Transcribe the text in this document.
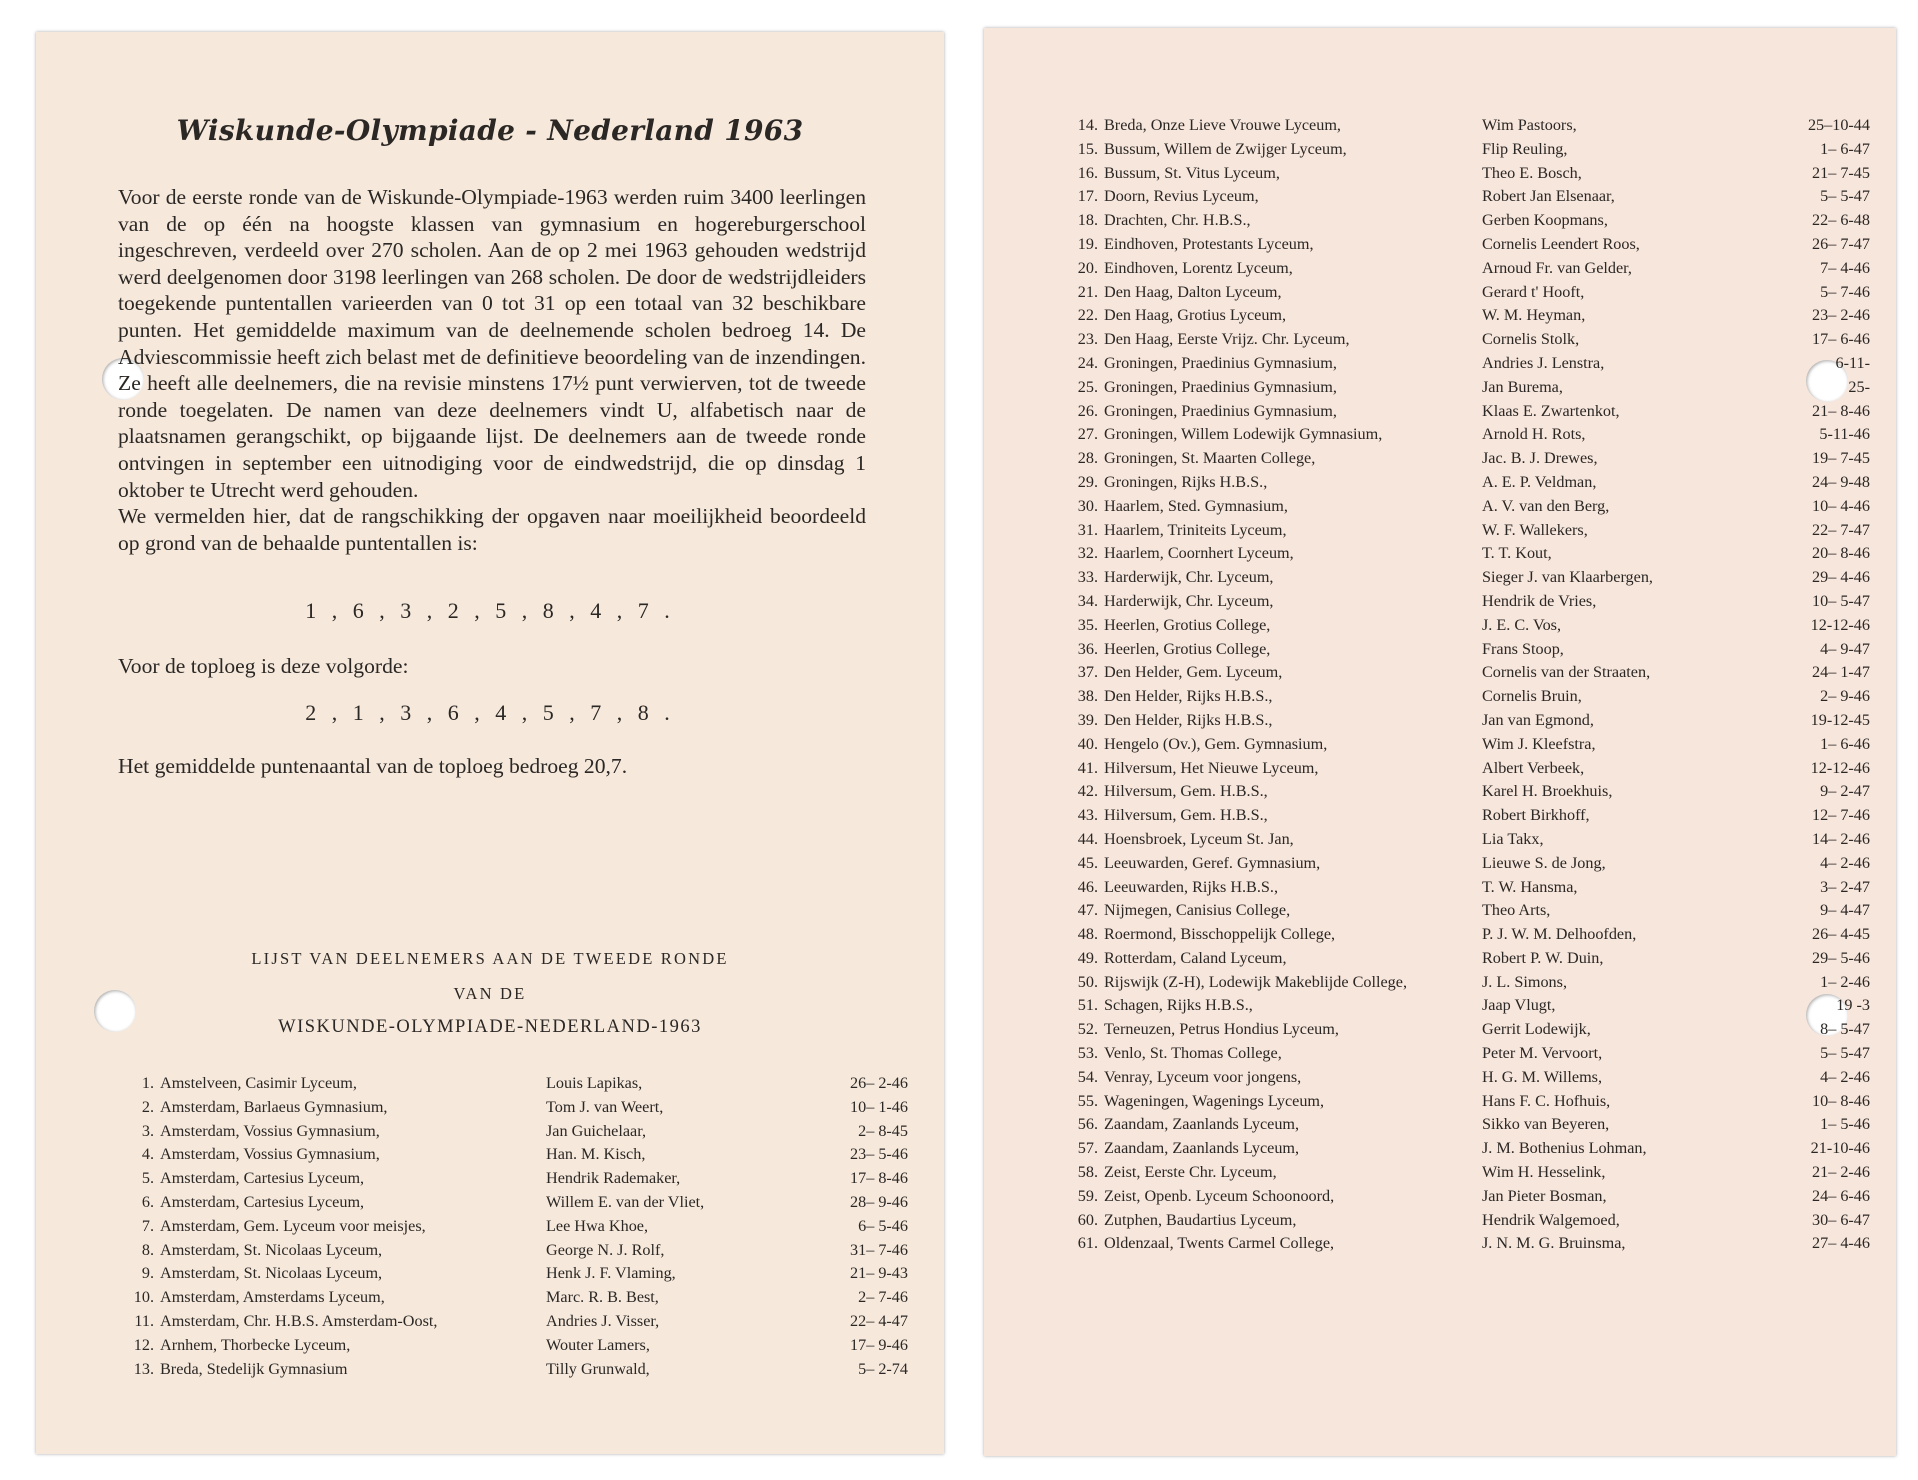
Wiskunde-Olympiade - Nederland 1963

Voor de eerste ronde van de Wiskunde-Olympiade-1963 werden ruim 3400 leerlingen van de op één na hoogste klassen van gymnasium en hogereburgerschool ingeschreven, verdeeld over 270 scholen. Aan de op 2 mei 1963 gehouden wedstrijd werd deelgenomen door 3198 leerlingen van 268 scholen. De door de wedstrijdleiders toegekende puntentallen varieerden van 0 tot 31 op een totaal van 32 beschikbare punten. Het gemiddelde maximum van de deelnemende scholen bedroeg 14. De Adviescommissie heeft zich belast met de definitieve beoordeling van de inzendingen. Ze heeft alle deelnemers, die na revisie minstens 17½ punt verwierven, tot de tweede ronde toegelaten. De namen van deze deelnemers vindt U, alfabetisch naar de plaatsnamen gerangschikt, op bijgaande lijst. De deelnemers aan de tweede ronde ontvingen in september een uitnodiging voor de eindwedstrijd, die op dinsdag 1 oktober te Utrecht werd gehouden.

We vermelden hier, dat de rangschikking der opgaven naar moeilijkheid beoordeeld op grond van de behaalde puntentallen is:

1 , 6 , 3 , 2 , 5 , 8 , 4 , 7 .
Voor de toploeg is deze volgorde:
2 , 1 , 3 , 6 , 4 , 5 , 7 , 8 .
Het gemiddelde puntenaantal van de toploeg bedroeg 20,7.
LIJST VAN DEELNEMERS AAN DE TWEEDE RONDE
VAN DE
WISKUNDE-OLYMPIADE-NEDERLAND-1963
1. Amstelveen, Casimir Lyceum,	Louis Lapikas,	26– 2-46
2. Amsterdam, Barlaeus Gymnasium,	Tom J. van Weert,	10– 1-46
3. Amsterdam, Vossius Gymnasium,	Jan Guichelaar,	2– 8-45
4. Amsterdam, Vossius Gymnasium,	Han. M. Kisch,	23– 5-46
5. Amsterdam, Cartesius Lyceum,	Hendrik Rademaker,	17– 8-46
6. Amsterdam, Cartesius Lyceum,	Willem E. van der Vliet,	28– 9-46
7. Amsterdam, Gem. Lyceum voor meisjes,	Lee Hwa Khoe,	6– 5-46
8. Amsterdam, St. Nicolaas Lyceum,	George N. J. Rolf,	31– 7-46
9. Amsterdam, St. Nicolaas Lyceum,	Henk J. F. Vlaming,	21– 9-43
10. Amsterdam, Amsterdams Lyceum,	Marc. R. B. Best,	2– 7-46
11. Amsterdam, Chr. H.B.S. Amsterdam-Oost,	Andries J. Visser,	22– 4-47
12. Arnhem, Thorbecke Lyceum,	Wouter Lamers,	17– 9-46
13. Breda, Stedelijk Gymnasium	Tilly Grunwald,	5– 2-74
14. Breda, Onze Lieve Vrouwe Lyceum,	Wim Pastoors,	25–10-44
15. Bussum, Willem de Zwijger Lyceum,	Flip Reuling,	1– 6-47
16. Bussum, St. Vitus Lyceum,	Theo E. Bosch,	21– 7-45
17. Doorn, Revius Lyceum,	Robert Jan Elsenaar,	5– 5-47
18. Drachten, Chr. H.B.S.,	Gerben Koopmans,	22– 6-48
19. Eindhoven, Protestants Lyceum,	Cornelis Leendert Roos,	26– 7-47
20. Eindhoven, Lorentz Lyceum,	Arnoud Fr. van Gelder,	7– 4-46
21. Den Haag, Dalton Lyceum,	Gerard t' Hooft,	5– 7-46
22. Den Haag, Grotius Lyceum,	W. M. Heyman,	23– 2-46
23. Den Haag, Eerste Vrijz. Chr. Lyceum,	Cornelis Stolk,	17– 6-46
24. Groningen, Praedinius Gymnasium,	Andries J. Lenstra,	6-11-
25. Groningen, Praedinius Gymnasium,	Jan Burema,	25-
26. Groningen, Praedinius Gymnasium,	Klaas E. Zwartenkot,	21– 8-46
27. Groningen, Willem Lodewijk Gymnasium,	Arnold H. Rots,	5-11-46
28. Groningen, St. Maarten College,	Jac. B. J. Drewes,	19– 7-45
29. Groningen, Rijks H.B.S.,	A. E. P. Veldman,	24– 9-48
30. Haarlem, Sted. Gymnasium,	A. V. van den Berg,	10– 4-46
31. Haarlem, Triniteits Lyceum,	W. F. Wallekers,	22– 7-47
32. Haarlem, Coornhert Lyceum,	T. T. Kout,	20– 8-46
33. Harderwijk, Chr. Lyceum,	Sieger J. van Klaarbergen,	29– 4-46
34. Harderwijk, Chr. Lyceum,	Hendrik de Vries,	10– 5-47
35. Heerlen, Grotius College,	J. E. C. Vos,	12-12-46
36. Heerlen, Grotius College,	Frans Stoop,	4– 9-47
37. Den Helder, Gem. Lyceum,	Cornelis van der Straaten,	24– 1-47
38. Den Helder, Rijks H.B.S.,	Cornelis Bruin,	2– 9-46
39. Den Helder, Rijks H.B.S.,	Jan van Egmond,	19-12-45
40. Hengelo (Ov.), Gem. Gymnasium,	Wim J. Kleefstra,	1– 6-46
41. Hilversum, Het Nieuwe Lyceum,	Albert Verbeek,	12-12-46
42. Hilversum, Gem. H.B.S.,	Karel H. Broekhuis,	9– 2-47
43. Hilversum, Gem. H.B.S.,	Robert Birkhoff,	12– 7-46
44. Hoensbroek, Lyceum St. Jan,	Lia Takx,	14– 2-46
45. Leeuwarden, Geref. Gymnasium,	Lieuwe S. de Jong,	4– 2-46
46. Leeuwarden, Rijks H.B.S.,	T. W. Hansma,	3– 2-47
47. Nijmegen, Canisius College,	Theo Arts,	9– 4-47
48. Roermond, Bisschoppelijk College,	P. J. W. M. Delhoofden,	26– 4-45
49. Rotterdam, Caland Lyceum,	Robert P. W. Duin,	29– 5-46
50. Rijswijk (Z-H), Lodewijk Makeblijde College,	J. L. Simons,	1– 2-46
51. Schagen, Rijks H.B.S.,	Jaap Vlugt,	19 -3
52. Terneuzen, Petrus Hondius Lyceum,	Gerrit Lodewijk,	8– 5-47
53. Venlo, St. Thomas College,	Peter M. Vervoort,	5– 5-47
54. Venray, Lyceum voor jongens,	H. G. M. Willems,	4– 2-46
55. Wageningen, Wagenings Lyceum,	Hans F. C. Hofhuis,	10– 8-46
56. Zaandam, Zaanlands Lyceum,	Sikko van Beyeren,	1– 5-46
57. Zaandam, Zaanlands Lyceum,	J. M. Bothenius Lohman,	21-10-46
58. Zeist, Eerste Chr. Lyceum,	Wim H. Hesselink,	21– 2-46
59. Zeist, Openb. Lyceum Schoonoord,	Jan Pieter Bosman,	24– 6-46
60. Zutphen, Baudartius Lyceum,	Hendrik Walgemoed,	30– 6-47
61. Oldenzaal, Twents Carmel College,	J. N. M. G. Bruinsma,	27– 4-46
